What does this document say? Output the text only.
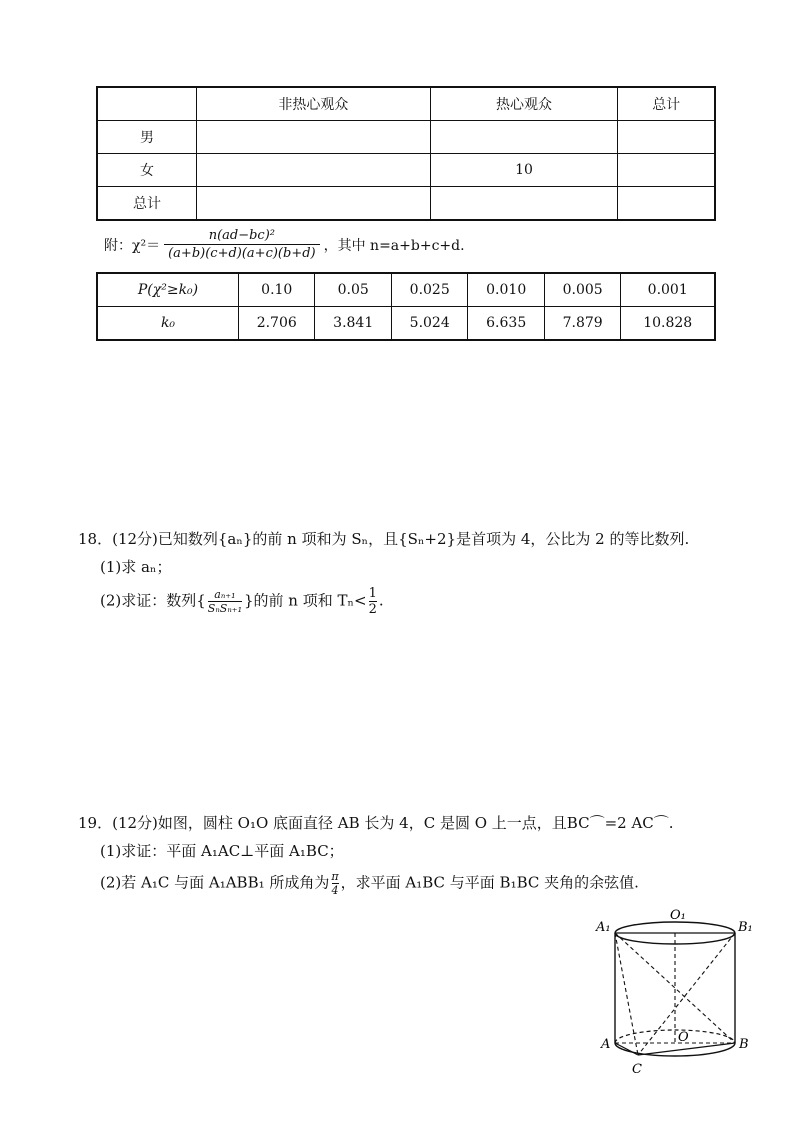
	非热心观众	热心观众	总计
男			
女		10	
总计			
附：$\chi^2= \frac{\text{n(ad−bc)²}}{(a+b)(c+d)(a+c)(b+d)}$ ，其中 n=a+b+c+d.
P(χ²≥k₀)	0.10	0.05	0.025	0.010	0.005	0.001
k₀	2.706	3.841	5.024	6.635	7.879	10.828
18．(12分)已知数列{aₙ}的前 n 项和为 Sₙ，且{Sₙ+2}是首项为 4，公比为 2 的等比数列.
(1)求 aₙ；
(2)求证：数列{ $\frac{\text{aₙ₊₁}}{\text{SₙSₙ₊₁}}$ }的前 n 项和 $T_n< \frac{1}{2}$ .
19．(12分)如图，圆柱 O₁O 底面直径 AB 长为 4，C 是圆 O 上一点，且BC⌒=2 AC⌒.
(1)求证：平面 A₁AC⊥平面 A₁BC；
(2)若 A₁C 与面 A₁ABB₁ 所成角为 $\frac{\pi}{4}$ ，求平面 A₁BC 与平面 B₁BC 夹角的余弦值.
A₁
O₁
B₁
A	O	B
C
